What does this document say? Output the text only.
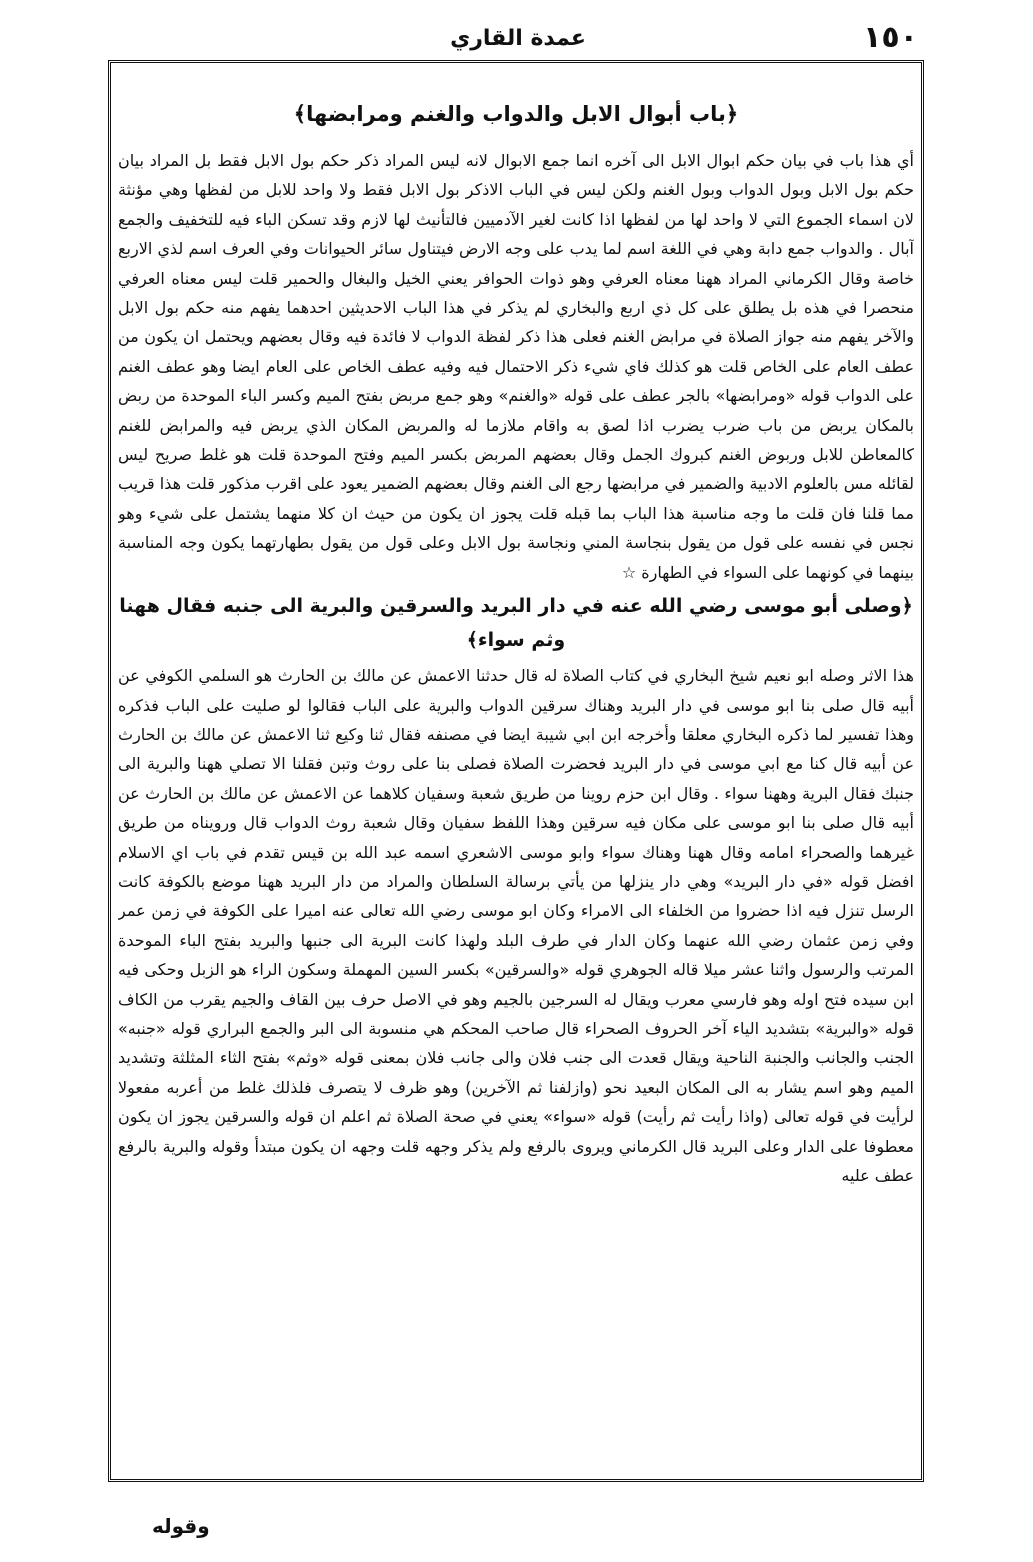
١٥٠
عمدة القاري
﴿باب أبوال الابل والدواب والغنم ومرابضها﴾

أي هذا باب في بيان حكم ابوال الابل الى آخره انما جمع الابوال لانه ليس المراد ذكر حكم بول الابل فقط بل المراد بيان حكم بول الابل وبول الدواب وبول الغنم ولكن ليس في الباب الاذكر بول الابل فقط ولا واحد للابل من لفظها وهي مؤنثة لان اسماء الجموع التي لا واحد لها من لفظها اذا كانت لغير الآدميين فالتأنيث لها لازم وقد تسكن الباء فيه للتخفيف والجمع آبال . والدواب جمع دابة وهي في اللغة اسم لما يدب على وجه الارض فيتناول سائر الحيوانات وفي العرف اسم لذي الاربع خاصة وقال الكرماني المراد ههنا معناه العرفي وهو ذوات الحوافر يعني الخيل والبغال والحمير قلت ليس معناه العرفي منحصرا في هذه بل يطلق على كل ذي اربع والبخاري لم يذكر في هذا الباب الاحديثين احدهما يفهم منه حكم بول الابل والآخر يفهم منه جواز الصلاة في مرابض الغنم فعلى هذا ذكر لفظة الدواب لا فائدة فيه وقال بعضهم ويحتمل ان يكون من عطف العام على الخاص قلت هو كذلك فاي شيء ذكر الاحتمال فيه وفيه عطف الخاص على العام ايضا وهو عطف الغنم على الدواب قوله «ومرابضها» بالجر عطف على قوله «والغنم» وهو جمع مربض بفتح الميم وكسر الباء الموحدة من ربض بالمكان يربض من باب ضرب يضرب اذا لصق به واقام ملازما له والمربض المكان الذي يربض فيه والمرابض للغنم كالمعاطن للابل وربوض الغنم كبروك الجمل وقال بعضهم المربض بكسر الميم وفتح الموحدة قلت هو غلط صريح ليس لقائله مس بالعلوم الادبية والضمير في مرابضها رجع الى الغنم وقال بعضهم الضمير يعود على اقرب مذكور قلت هذا قريب مما قلنا فان قلت ما وجه مناسبة هذا الباب بما قبله قلت يجوز ان يكون من حيث ان كلا منهما يشتمل على شيء وهو نجس في نفسه على قول من يقول بنجاسة المني ونجاسة بول الابل وعلى قول من يقول بطهارتهما يكون وجه المناسبة بينهما في كونهما على السواء في الطهارة ☆

﴿وصلى أبو موسى رضي الله عنه في دار البريد والسرقين والبرية الى جنبه فقال ههنا وثم سواء﴾

هذا الاثر وصله ابو نعيم شيخ البخاري في كتاب الصلاة له قال حدثنا الاعمش عن مالك بن الحارث هو السلمي الكوفي عن أبيه قال صلى بنا ابو موسى في دار البريد وهناك سرقين الدواب والبرية على الباب فقالوا لو صليت على الباب فذكره وهذا تفسير لما ذكره البخاري معلقا وأخرجه ابن ابي شيبة ايضا في مصنفه فقال ثنا وكيع ثنا الاعمش عن مالك بن الحارث عن أبيه قال كنا مع ابي موسى في دار البريد فحضرت الصلاة فصلى بنا على روث وتبن فقلنا الا تصلي ههنا والبرية الى جنبك فقال البرية وههنا سواء . وقال ابن حزم روينا من طريق شعبة وسفيان كلاهما عن الاعمش عن مالك بن الحارث عن أبيه قال صلى بنا ابو موسى على مكان فيه سرقين وهذا اللفظ سفيان وقال شعبة روث الدواب قال ورويناه من طريق غيرهما والصحراء امامه وقال ههنا وهناك سواء وابو موسى الاشعري اسمه عبد الله بن قيس تقدم في باب اي الاسلام افضل قوله «في دار البريد» وهي دار ينزلها من يأتي برسالة السلطان والمراد من دار البريد ههنا موضع بالكوفة كانت الرسل تنزل فيه اذا حضروا من الخلفاء الى الامراء وكان ابو موسى رضي الله تعالى عنه اميرا على الكوفة في زمن عمر وفي زمن عثمان رضي الله عنهما وكان الدار في طرف البلد ولهذا كانت البرية الى جنبها والبريد بفتح الباء الموحدة المرتب والرسول واثنا عشر ميلا قاله الجوهري قوله «والسرقين» بكسر السين المهملة وسكون الراء هو الزبل وحكى فيه ابن سيده فتح اوله وهو فارسي معرب ويقال له السرجين بالجيم وهو في الاصل حرف بين القاف والجيم يقرب من الكاف قوله «والبرية» بتشديد الياء آخر الحروف الصحراء قال صاحب المحكم هي منسوبة الى البر والجمع البراري قوله «جنبه» الجنب والجانب والجنبة الناحية ويقال قعدت الى جنب فلان والى جانب فلان بمعنى قوله «وثم» بفتح الثاء المثلثة وتشديد الميم وهو اسم يشار به الى المكان البعيد نحو (وازلفنا ثم الآخرين) وهو ظرف لا يتصرف فلذلك غلط من أعربه مفعولا لرأيت في قوله تعالى (واذا رأيت ثم رأيت) قوله «سواء» يعني في صحة الصلاة ثم اعلم ان قوله والسرقين يجوز ان يكون معطوفا على الدار وعلى البريد قال الكرماني ويروى بالرفع ولم يذكر وجهه قلت وجهه ان يكون مبتدأ وقوله والبرية بالرفع عطف عليه

وقوله
